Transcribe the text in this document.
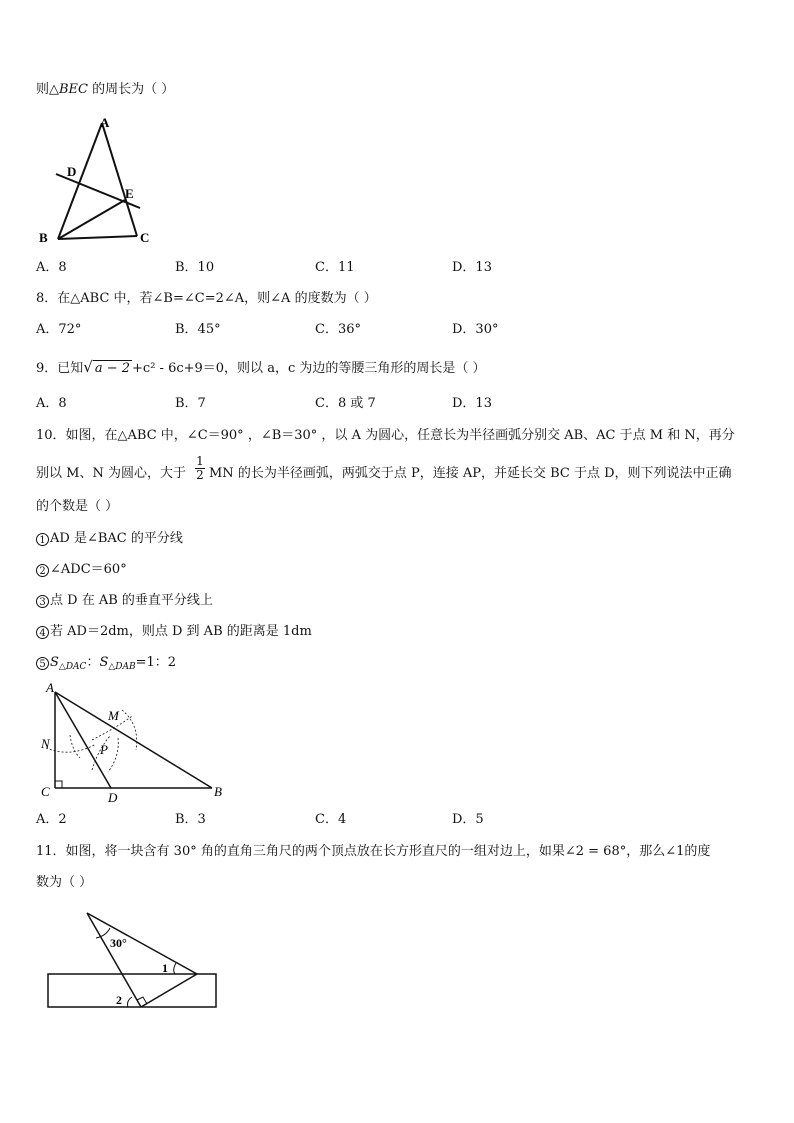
则△BEC 的周长为（ ）
A
B	C
D
E
A．8	B．10	C．11	D．13
8．在△ABC 中，若∠B=∠C=2∠A，则∠A 的度数为（ ）
A．72°	B．45°	C．36°	D．30°
9．已知√ a − 2 +c² ‑ 6c+9＝0，则以 a，c 为边的等腰三角形的周长是（ ）
A．8	B．7	C．8 或 7	D．13
10．如图，在△ABC 中，∠C＝90° ，∠B＝30° ，以 A 为圆心，任意长为半径画弧分别交 AB、AC 于点 M 和 N，再分
别以 M、N 为圆心，大于
1
2 MN 的长为半径画弧，两弧交于点 P，连接 AP，并延长交 BC 于点 D，则下列说法中正确
的个数是（ ）
1 AD 是∠BAC 的平分线
2 ∠ADC＝60°
3 点 D 在 AB 的垂直平分线上
4 若 AD＝2dm，则点 D 到 AB 的距离是 1dm
5 $S_{\triangle DAC}$：$S_{\triangle DAB}=1$：2
A
B
C	D
M
N	P
A．2	B．3	C．4	D．5
11．如图，将一块含有 30° 角的直角三角尺的两个顶点放在长方形直尺的一组对边上，如果∠2 = 68°，那么∠1的度
数为（ ）
30°
1
2
